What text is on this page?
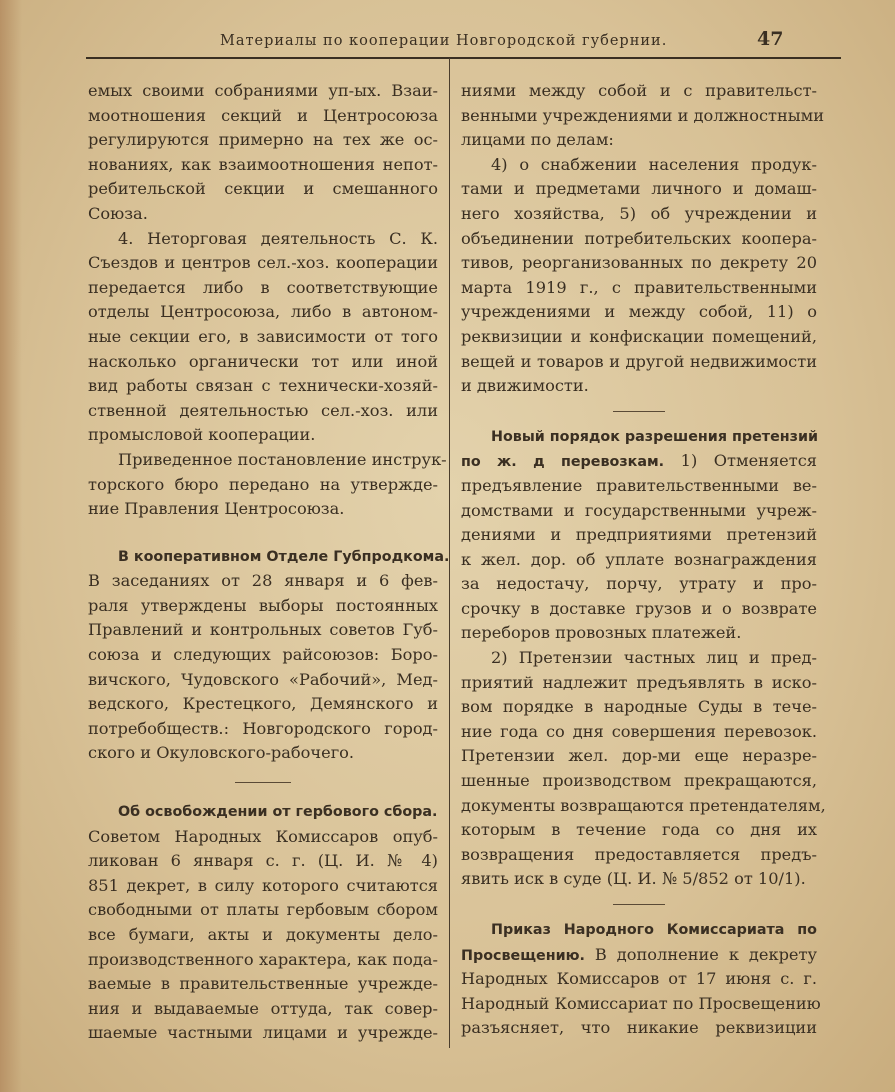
Материалы по кооперации Новгородской губернии.	47
емых своими собраниями уп-ых. Взаи-
моотношения секций и Центросоюза
регулируются примерно на тех же ос-
нованиях, как взаимоотношения непот-
ребительской секции и смешанного
Союза.
4. Неторговая деятельность С. К.
Съездов и центров сел.-хоз. кооперации
передается либо в соответствующие
отделы Центросоюза, либо в автоном-
ные секции его, в зависимости от того
насколько органически тот или иной
вид работы связан с технически-хозяй-
ственной деятельностью сел.-хоз. или
промысловой кооперации.
Приведенное постановление инструк-
торского бюро передано на утвержде-
ние Правления Центросоюза.
В кооперативном Отделе Губпродкома.
В заседаниях от 28 января и 6 фев-
раля утверждены выборы постоянных
Правлений и контрольных советов Губ-
союза и следующих райсоюзов: Боро-
вичского, Чудовского «Рабочий», Мед-
ведского, Крестецкого, Демянского и
потребобществ.: Новгородского город-
ского и Окуловского-рабочего.
Об освобождении от гербового сбора.
Советом Народных Комиссаров опуб-
ликован 6 января с. г. (Ц. И. № 4)
851 декрет, в силу которого считаются
свободными от платы гербовым сбором
все бумаги, акты и документы дело-
производственного характера, как пода-
ваемые в правительственные учрежде-
ния и выдаваемые оттуда, так совер-
шаемые частными лицами и учрежде-
ниями между собой и с правительст-
венными учреждениями и должностными
лицами по делам:
4) о снабжении населения продук-
тами и предметами личного и домаш-
него хозяйства, 5) об учреждении и
объединении потребительских коопера-
тивов, реорганизованных по декрету 20
марта 1919 г., с правительственными
учреждениями и между собой, 11) о
реквизиции и конфискации помещений,
вещей и товаров и другой недвижимости
и движимости.
Новый порядок разрешения претензий
по ж. д перевозкам. 1) Отменяется
предъявление правительственными ве-
домствами и государственными учреж-
дениями и предприятиями претензий
к жел. дор. об уплате вознаграждения
за недостачу, порчу, утрату и про-
срочку в доставке грузов и о возврате
переборов провозных платежей.
2) Претензии частных лиц и пред-
приятий надлежит предъявлять в иско-
вом порядке в народные Суды в тече-
ние года со дня совершения перевозок.
Претензии жел. дор-ми еще неразре-
шенные производством прекращаются,
документы возвращаются претендателям,
которым в течение года со дня их
возвращения предоставляется предъ-
явить иск в суде (Ц. И. № 5/852 от 10/1).
Приказ Народного Комиссариата по
Просвещению. В дополнение к декрету
Народных Комиссаров от 17 июня с. г.
Народный Комиссариат по Просвещению
разъясняет, что никакие реквизиции
